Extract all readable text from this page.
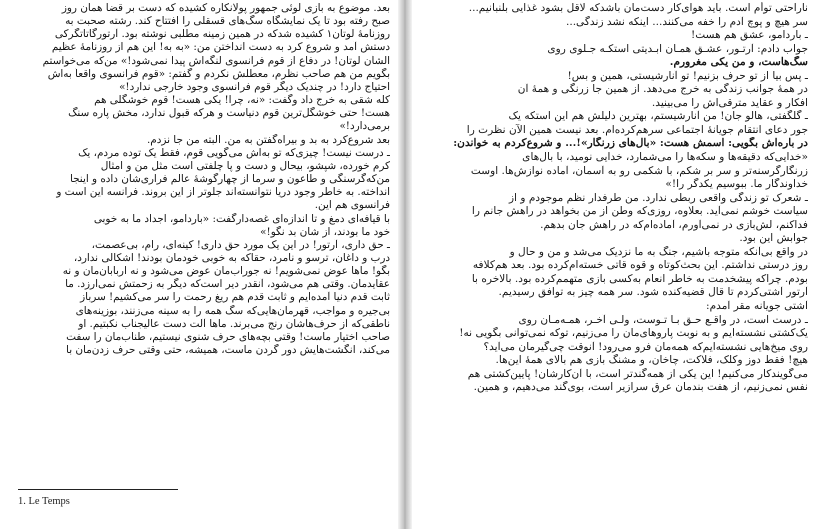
بعد. موضوع به بازی لوئی جمهور پولانکاره کشیده که دست بر قضا همان روز
صبح رفته بود تا یک نمایشگاه سگ‌های قسقلی را افتتاح کند. رشته صحبت به
روزنامهٔ لوتان۱ کشیده شدکه در همین زمینه مطلبی نوشته بود. آرتورگاتاتگرکی
دستش آمد و شروع کرد به دست انداختن من: «به به! این هم از روزنامهٔ عظیم
الشأن لوتان! در دفاع از قوم فرانسوی لنگه‌اش پیدا نمی‌شود!» من‌که می‌خواستم
بگویم من هم صاحب نظرم، معطلش نکردم و گفتم: «قوم فرانسوی واقعاً به‌اش
احتیاج دارد! در چندیک دیگر قوم فرانسوی وجود خارجی ندارد!»
کله شقی به خرج داد وگفت: «نه، چرا! یکی هست! قوم خوشگلی هم
هست! حتی خوشگل‌ترین قوم دنیاست و هرکه قبول ندارد، مخش پاره سنگ
برمی‌دارد!»
بعد شروع‌کرد به بد و بیراه‌گفتن به من. البته من جا نزدم.
ـ درست نیست! چیزی‌که تو به‌اش می‌گویی قوم، فقط یک توده مردم، یک
کرم خورده، شپشو، بیحال و دست و پا چلفتی است مثل من و امثال
من‌که‌گرسنگی و طاعون و سرما از چهارگوشهٔ عالم فراری‌شان داده و اینجا
انداخته. به خاطر وجود دریا نتوانسته‌اند جلوتر از این بروند. فرانسه این است و
فرانسوی هم این.
با قیافه‌ای دمغ و تا اندازه‌ای غصه‌دارگفت: «باردامو، اجداد ما به خوبی
خود ما بودند، از شان بد نگو!»
ـ حق داری، آرتور! در این یک مورد حق داری! کینه‌ای، رام، بی‌عصمت،
درب و داغان، ترسو و نامرد، حقاکه به خوبی خودمان بودند! اشکالی ندارد،
بگو! ما‌ها عوض نمی‌شویم! نه جوراب‌مان عوض می‌شود و نه اربابان‌مان و نه
عقاید‌مان. وقتی هم می‌شود، آنقدر دیر است‌که دیگر به زحمتش نمی‌ارزد. ما
ثابت قدم دنیا آمده‌ایم و ثابت قدم هم ریغ رحمت را سر می‌کشیم! سرباز
بی‌جیره و مواجب، قهرمان‌هایی‌که سگ همه را به سینه می‌زنند، بوزینه‌های
ناطقی‌که از حرف‌هاشان رنج می‌برند. ماها آلت دست عالیجناب نکبتیم. او
صاحب اختیار ماست! وقتی بچه‌های حرف شنوی نیستیم، طناب‌مان را سفت
می‌کند، انگشت‌هایش دور گردن ماست، همیشه، حتی وقتی حرف زدن‌مان با
1. Le Temps
ناراحتی توأم است. باید هوای‌کار دست‌مان باشد‌که لاقل بشود غذایی بلنبانیم...
سر هیچ و پوچ آدم را خفه می‌کنند... اینکه نشد زندگی...
ـ باردامو، عشق هم هست!
جواب دادم: آرتـور، عشـق همـان ابـدیتی استکـه جـلوی روی
سگ‌هاست، و من یکی مغرورم.
ـ پس بیا از تو حرف بزنیم! تو آنارشیستی، همین و بس!
در همهٔ جوانب زندگی به خرج می‌دهد. از همین جا زرنگی و همهٔ آن
افکار و عقاید مترقی‌اش را می‌بینید.
ـ گلگفتی، هالو جان! من آنارشیستم، بهترین دلیلش هم این استکه یک
جور دعای انتقام جویانهٔ اجتماعی سرهم‌کرده‌ام. بعد نیست همین الآن نظرت را
در باره‌اش بگویی: اسمش هست: «بال‌های زرنگار»!... و شروع‌کردم به خواندن:
«خدایی‌که دقیقه‌ها و سکه‌ها را می‌شمارد، خدایی نومید، با بال‌های
زرنگارگرسنه‌تر و سر بر شکم، با شکمی رو به آسمان، آماده نوازش‌ها. اوست
خداوندگار ما. ببوسیم یکدگر را!»
ـ شعرک تو زندگی واقعی ربطی ندارد. من طرفدار نظم موجودم و از
سیاست خوشم نمی‌آید. بعلاوه، روزی‌که وطن از من بخواهد در راهش جانم را
فداکنم، لش‌بازی در نمی‌آورم، آماده‌ام‌که در راهش جان بدهم.
جوابش این بود.
در واقع بی‌آنکه متوجه باشیم، جنگ به ما نزدیک می‌شد و من و حال و
روز درستی نداشتم. این بحث‌کوتاه و قوه قاتی خسته‌ام‌کرده بود. بعد هم‌کلافه
بودم. چرا‌که پیشخدمت به خاطر انعام به‌کسی بازی متهمم‌کرده بود. بالاخره با
آرتور آشتی‌کردم تا قال قضیه‌کنده شود. سر همه چیز به توافق رسیدیم.
آشتی جویانه مقر آمدم:
ـ درست است، در واقـع حـق بـا تـوست، ولـی آخـر، همـه‌مـان روی
یک‌کشتی نشسته‌ایم و به نوبت پاروهای‌مان را می‌زنیم، توکه نمی‌توانی بگویی نه!
روی میخ‌هایی نشسته‌ایم‌که همه‌مان فرو می‌رود! آنوقت چی‌گیرمان می‌آید؟
هیچ! فقط دوز وکلک، فلاکت، چاخان، و مشنگ بازی هم بالای همهٔ این‌ها.
می‌گویند‌کار می‌کنیم! این یکی از همه‌گندتر است، با آن‌کارشان! پایین‌کشتی هم
نفس نمی‌زنیم، از هفت بندمان عرق سرازیر است، بوی‌گند می‌دهیم، و همین.
